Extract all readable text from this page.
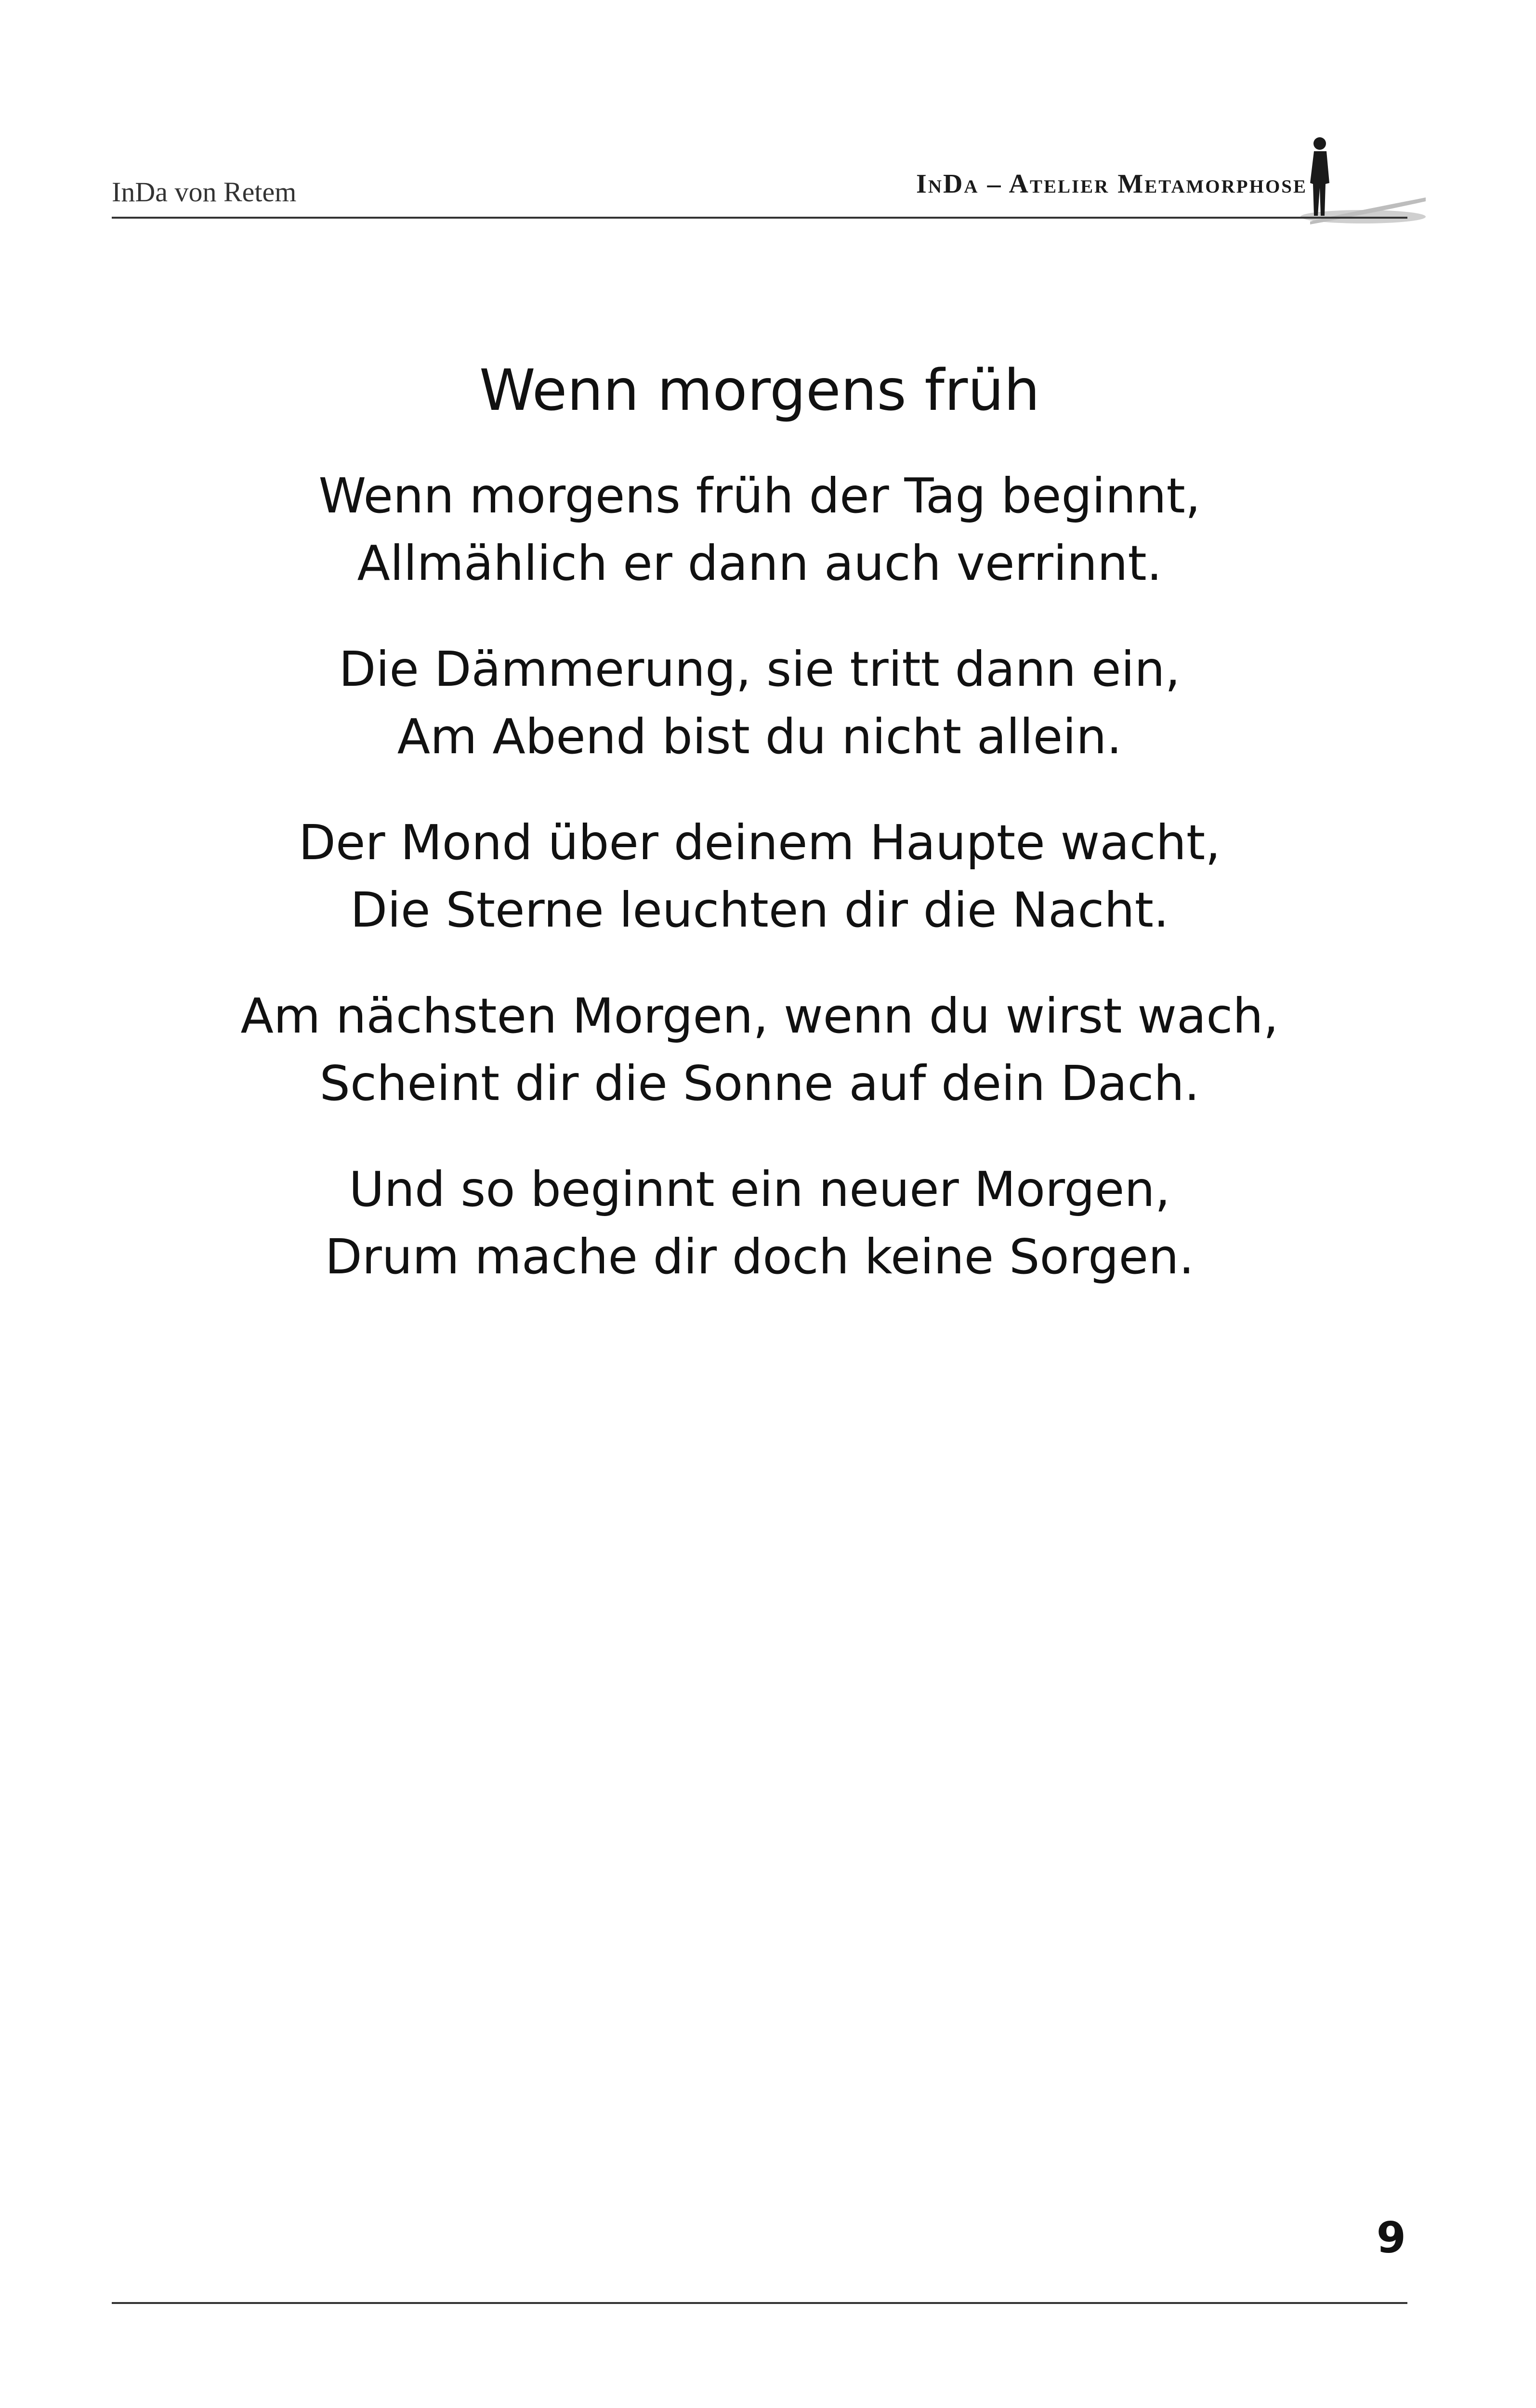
InDa von Retem	InDa – Atelier Metamorphose
Wenn morgens früh
Wenn morgens früh der Tag beginnt,
Allmählich er dann auch verrinnt.
Die Dämmerung, sie tritt dann ein,
Am Abend bist du nicht allein.
Der Mond über deinem Haupte wacht,
Die Sterne leuchten dir die Nacht.
Am nächsten Morgen, wenn du wirst wach,
Scheint dir die Sonne auf dein Dach.
Und so beginnt ein neuer Morgen,
Drum mache dir doch keine Sorgen.
9
